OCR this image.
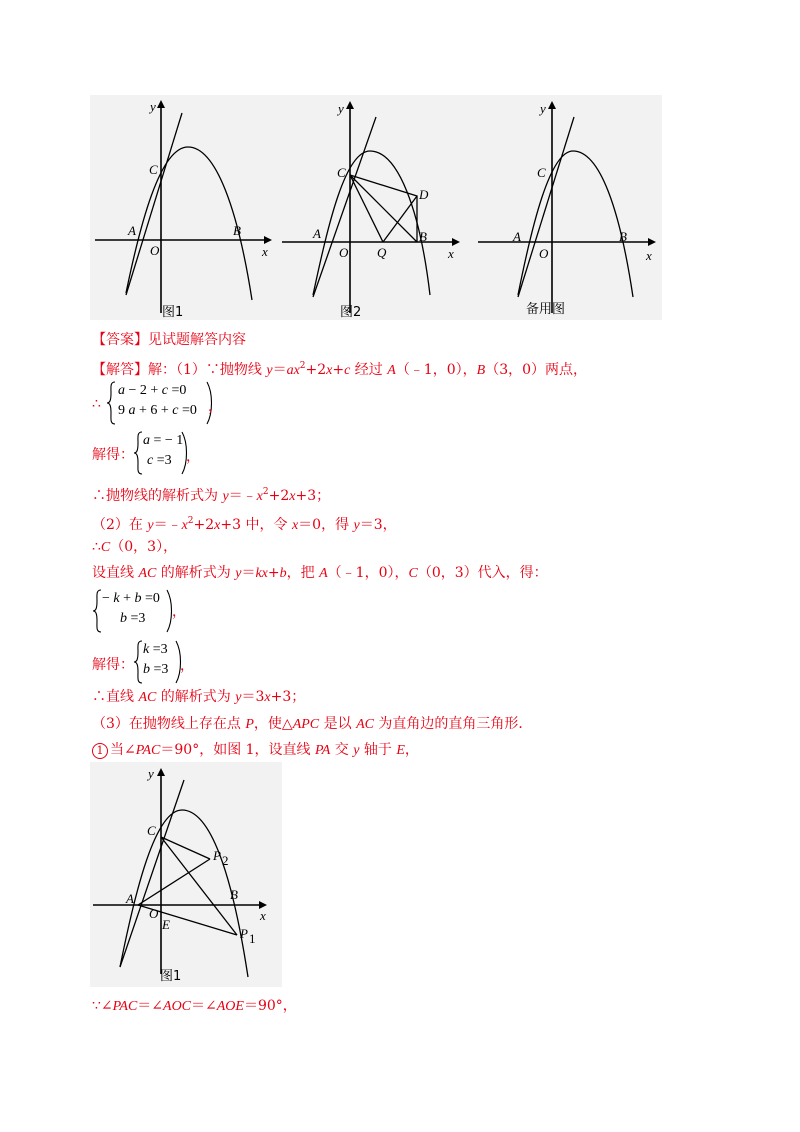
y
x
C
A
O
B
图1
y
x
C
D
A
O Q
B
图2
y
x
C
A
O
B
备用图
【答案】见试题解答内容
【解答】解：（1）∵抛物线 $y=ax^2+2x+c$ 经过 A（﹣1，0），B（3，0）两点，
∴
a − 2 + c =0
9 a + 6 + c =0 ，
解得：
a = − 1
c =3 ，
∴抛物线的解析式为 $y=﹣x^2+2x+3$；
（2）在 $y=﹣x^2+2x+3$ 中，令 x＝0，得 y＝3，
∴C（0，3），
设直线 AC 的解析式为 y＝kx+b，把 A（﹣1，0），C（0，3）代入，得：
− k + b =0
b =3 ，
解得：
k =3
b =3 ，
∴直线 AC 的解析式为 y＝3x+3；
（3）在抛物线上存在点 P，使△APC 是以 AC 为直角边的直角三角形．
1 当∠PAC＝90°，如图 1，设直线 PA 交 y 轴于 E，
y
x
C
P 2
A	B
O
E
P 1
图1
∵∠PAC＝∠AOC＝∠AOE＝90°，
